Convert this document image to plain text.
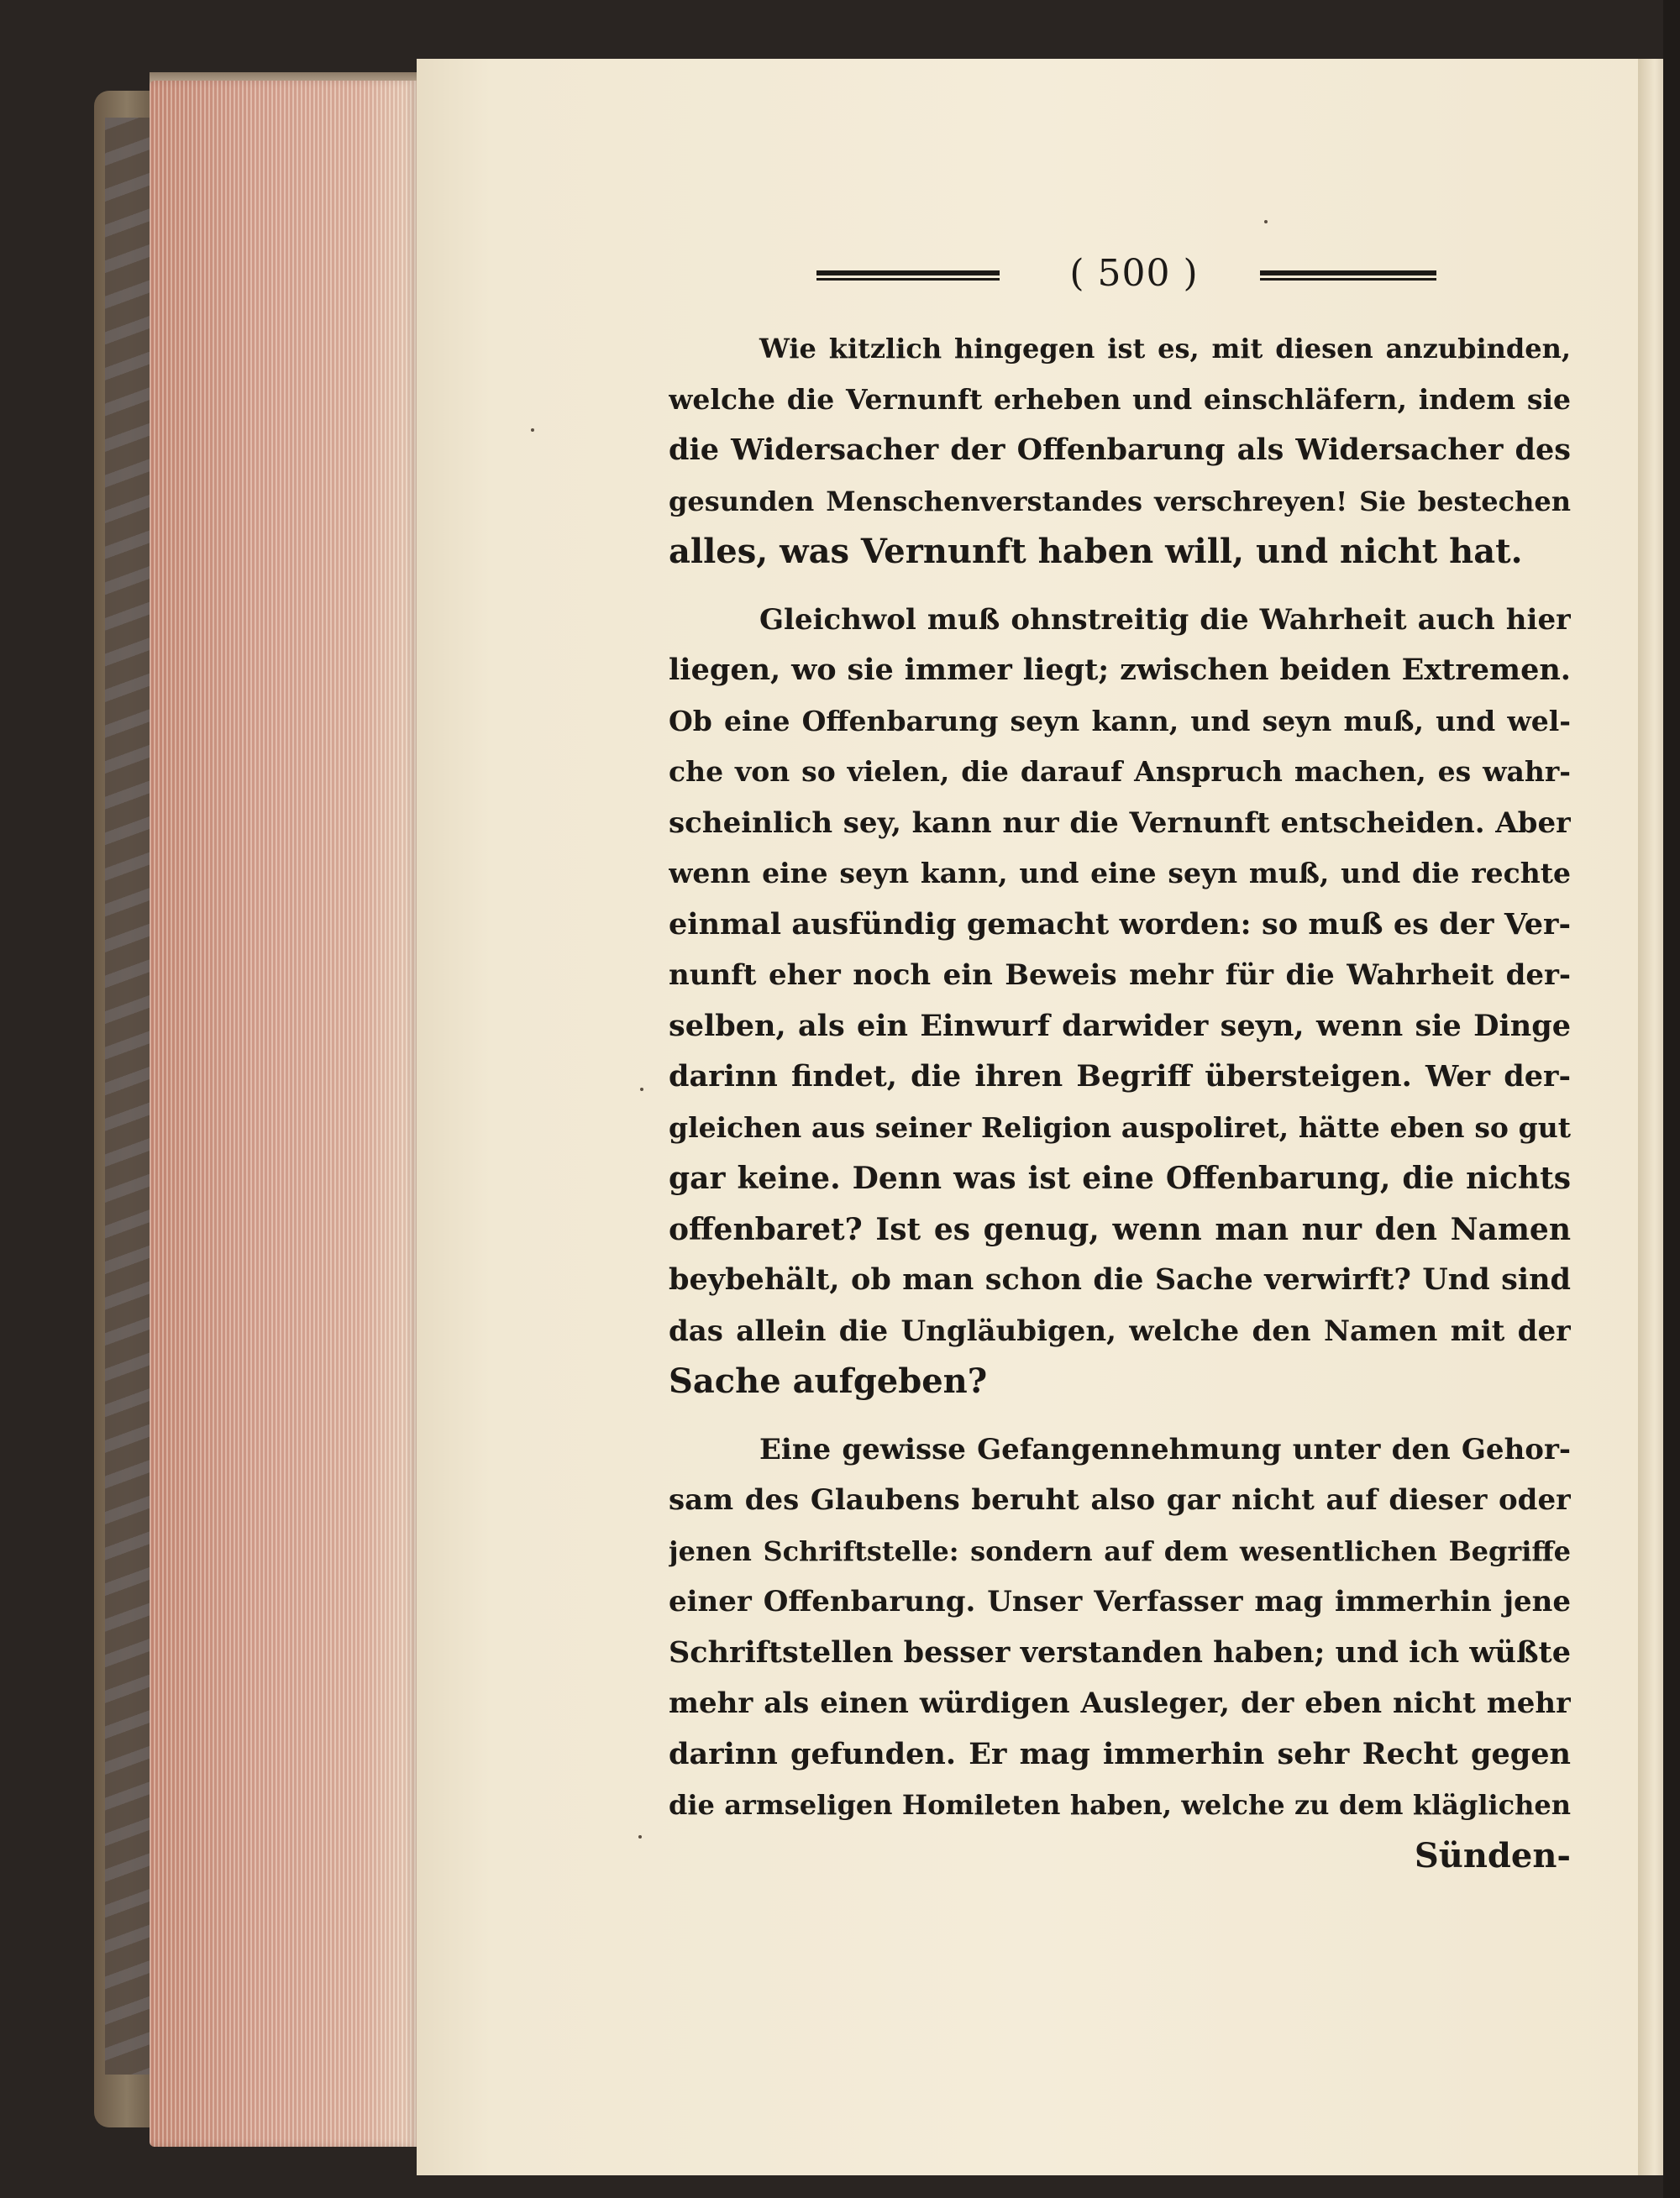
( 500 )
Wie kitzlich hingegen ist es, mit diesen anzubinden,
welche die Vernunft erheben und einschläfern, indem sie
die Widersacher der Offenbarung als Widersacher des
gesunden Menschenverstandes verschreyen! Sie bestechen
alles, was Vernunft haben will, und nicht hat.
Gleichwol muß ohnstreitig die Wahrheit auch hier
liegen, wo sie immer liegt; zwischen beiden Extremen.
Ob eine Offenbarung seyn kann, und seyn muß, und wel-
che von so vielen, die darauf Anspruch machen, es wahr-
scheinlich sey, kann nur die Vernunft entscheiden. Aber
wenn eine seyn kann, und eine seyn muß, und die rechte
einmal ausfündig gemacht worden: so muß es der Ver-
nunft eher noch ein Beweis mehr für die Wahrheit der-
selben, als ein Einwurf darwider seyn, wenn sie Dinge
darinn findet, die ihren Begriff übersteigen. Wer der-
gleichen aus seiner Religion auspoliret, hätte eben so gut
gar keine. Denn was ist eine Offenbarung, die nichts
offenbaret? Ist es genug, wenn man nur den Namen
beybehält, ob man schon die Sache verwirft? Und sind
das allein die Ungläubigen, welche den Namen mit der
Sache aufgeben?
Eine gewisse Gefangennehmung unter den Gehor-
sam des Glaubens beruht also gar nicht auf dieser oder
jenen Schriftstelle: sondern auf dem wesentlichen Begriffe
einer Offenbarung. Unser Verfasser mag immerhin jene
Schriftstellen besser verstanden haben; und ich wüßte
mehr als einen würdigen Ausleger, der eben nicht mehr
darinn gefunden. Er mag immerhin sehr Recht gegen
die armseligen Homileten haben, welche zu dem kläglichen
Sünden-
